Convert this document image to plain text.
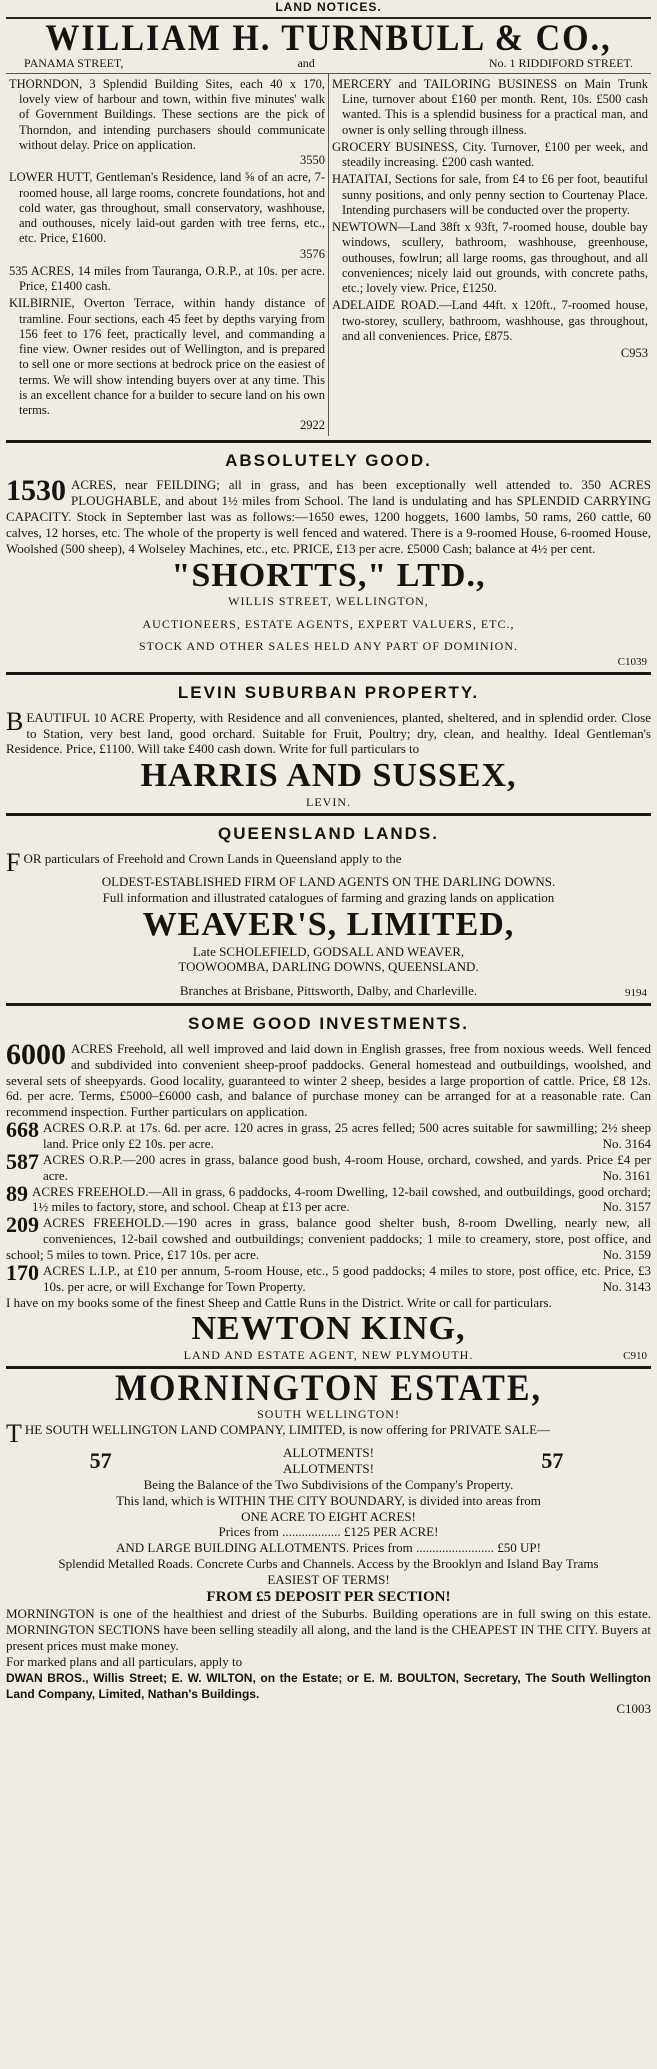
LAND NOTICES.
WILLIAM H. TURNBULL & CO.,
PANAMA STREET,	and	No. 1 RIDDIFORD STREET.
THORNDON, 3 Splendid Building Sites, each 40 x 170, lovely view of harbour and town, within five minutes' walk of Government Buildings. These sections are the pick of Thorndon, and intending purchasers should communicate without delay. Price on application.
3550
LOWER HUTT, Gentleman's Residence, land ⅝ of an acre, 7-roomed house, all large rooms, concrete foundations, hot and cold water, gas throughout, small conservatory, washhouse, and outhouses, nicely laid-out garden with tree ferns, etc., etc. Price, £1600.
3576
535 ACRES, 14 miles from Tauranga, O.R.P., at 10s. per acre. Price, £1400 cash.
KILBIRNIE, Overton Terrace, within handy distance of tramline. Four sections, each 45 feet by depths varying from 156 feet to 176 feet, practically level, and commanding a fine view. Owner resides out of Wellington, and is prepared to sell one or more sections at bedrock price on the easiest of terms. We will show intending buyers over at any time. This is an excellent chance for a builder to secure land on his own terms.
2922
MERCERY and TAILORING BUSINESS on Main Trunk Line, turnover about £160 per month. Rent, 10s. £500 cash wanted. This is a splendid business for a practical man, and owner is only selling through illness.
GROCERY BUSINESS, City. Turnover, £100 per week, and steadily increasing. £200 cash wanted.
HATAITAI, Sections for sale, from £4 to £6 per foot, beautiful sunny positions, and only penny section to Courtenay Place. Intending purchasers will be conducted over the property.
NEWTOWN—Land 38ft x 93ft, 7-roomed house, double bay windows, scullery, bathroom, washhouse, greenhouse, outhouses, fowlrun; all large rooms, gas throughout, and all conveniences; nicely laid out grounds, with concrete paths, etc.; lovely view. Price, £1250.
ADELAIDE ROAD.—Land 44ft. x 120ft., 7-roomed house, two-storey, scullery, bathroom, washhouse, gas throughout, and all conveniences. Price, £875.
C953
ABSOLUTELY GOOD.
1530 ACRES, near FEILDING; all in grass, and has been exceptionally well attended to. 350 ACRES PLOUGHABLE, and about 1½ miles from School. The land is undulating and has SPLENDID CARRYING CAPACITY. Stock in September last was as follows:—1650 ewes, 1200 hoggets, 1600 lambs, 50 rams, 260 cattle, 60 calves, 12 horses, etc. The whole of the property is well fenced and watered. There is a 9-roomed House, 6-roomed House, Woolshed (500 sheep), 4 Wolseley Machines, etc., etc. PRICE, £13 per acre. £5000 Cash; balance at 4½ per cent.
"SHORTTS," LTD.,
WILLIS STREET, WELLINGTON,
AUCTIONEERS, ESTATE AGENTS, EXPERT VALUERS, ETC.,
STOCK AND OTHER SALES HELD ANY PART OF DOMINION.
C1039
LEVIN SUBURBAN PROPERTY.
B EAUTIFUL 10 ACRE Property, with Residence and all conveniences, planted, sheltered, and in splendid order. Close to Station, very best land, good orchard. Suitable for Fruit, Poultry; dry, clean, and healthy. Ideal Gentleman's Residence. Price, £1100. Will take £400 cash down. Write for full particulars to
HARRIS AND SUSSEX,
LEVIN.
QUEENSLAND LANDS.
F OR particulars of Freehold and Crown Lands in Queensland apply to the
OLDEST-ESTABLISHED FIRM OF LAND AGENTS ON THE DARLING DOWNS.
Full information and illustrated catalogues of farming and grazing lands on application
WEAVER'S, LIMITED,
Late SCHOLEFIELD, GODSALL AND WEAVER,
TOOWOOMBA, DARLING DOWNS, QUEENSLAND.
Branches at Brisbane, Pittsworth, Dalby, and Charleville.	9194
SOME GOOD INVESTMENTS.
6000 ACRES Freehold, all well improved and laid down in English grasses, free from noxious weeds. Well fenced and subdivided into convenient sheep-proof paddocks. General homestead and outbuildings, woolshed, and several sets of sheepyards. Good locality, guaranteed to winter 2 sheep, besides a large proportion of cattle. Price, £8 12s. 6d. per acre. Terms, £5000–£6000 cash, and balance of purchase money can be arranged for at a reasonable rate. Can recommend inspection. Further particulars on application.
668 ACRES O.R.P. at 17s. 6d. per acre. 120 acres in grass, 25 acres felled; 500 acres suitable for sawmilling; 2½ sheep land. Price only £2 10s. per acre.	No. 3164
587 ACRES O.R.P.—200 acres in grass, balance good bush, 4-room House, orchard, cowshed, and yards. Price £4 per acre.	No. 3161
89 ACRES FREEHOLD.—All in grass, 6 paddocks, 4-room Dwelling, 12-bail cowshed, and outbuildings, good orchard; 1½ miles to factory, store, and school. Cheap at £13 per acre.	No. 3157
209 ACRES FREEHOLD.—190 acres in grass, balance good shelter bush, 8-room Dwelling, nearly new, all conveniences, 12-bail cowshed and outbuildings; convenient paddocks; 1 mile to creamery, store, post office, and school; 5 miles to town. Price, £17 10s. per acre.	No. 3159
170 ACRES L.I.P., at £10 per annum, 5-room House, etc., 5 good paddocks; 4 miles to store, post office, etc. Price, £3 10s. per acre, or will Exchange for Town Property.	No. 3143
I have on my books some of the finest Sheep and Cattle Runs in the District. Write or call for particulars.
NEWTON KING,
LAND AND ESTATE AGENT, NEW PLYMOUTH.	C910
MORNINGTON ESTATE,
SOUTH WELLINGTON!
T HE SOUTH WELLINGTON LAND COMPANY, LIMITED, is now offering for PRIVATE SALE—
57	ALLOTMENTS!
ALLOTMENTS!	57
Being the Balance of the Two Subdivisions of the Company's Property.
This land, which is WITHIN THE CITY BOUNDARY, is divided into areas from
ONE ACRE TO EIGHT ACRES!
Prices from .................. £125 PER ACRE!
AND LARGE BUILDING ALLOTMENTS. Prices from ........................ £50 UP!
Splendid Metalled Roads. Concrete Curbs and Channels. Access by the Brooklyn and Island Bay Trams
EASIEST OF TERMS!
FROM £5 DEPOSIT PER SECTION!
MORNINGTON is one of the healthiest and driest of the Suburbs. Building operations are in full swing on this estate. MORNINGTON SECTIONS have been selling steadily all along, and the land is the CHEAPEST IN THE CITY. Buyers at present prices must make money.
For marked plans and all particulars, apply to
DWAN BROS., Willis Street; E. W. WILTON, on the Estate; or E. M. BOULTON, Secretary, The South Wellington Land Company, Limited, Nathan's Buildings.
C1003
